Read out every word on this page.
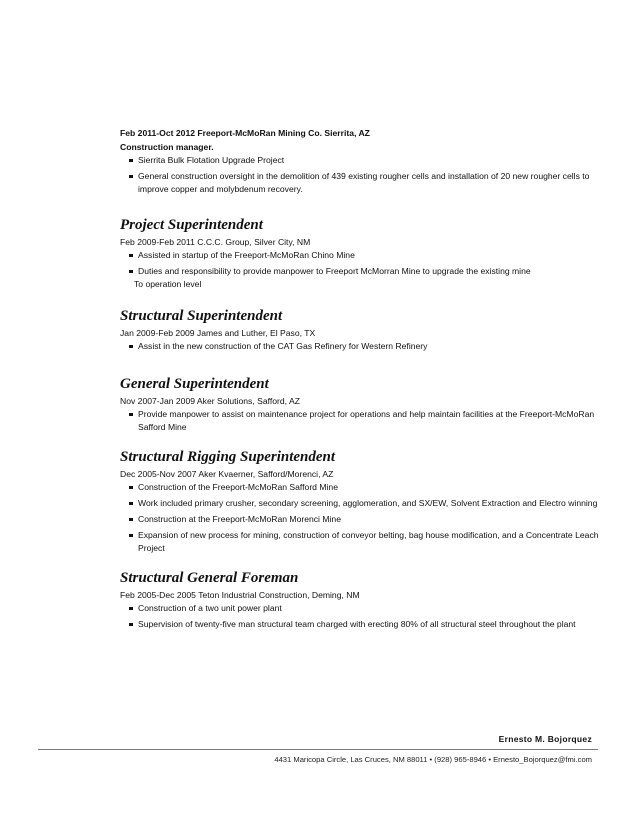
Feb 2011-Oct 2012 Freeport-McMoRan Mining Co. Sierrita, AZ

Construction manager.

Sierrita Bulk Flotation Upgrade Project
General construction oversight in the demolition of 439 existing rougher cells and installation of 20 new rougher cells to improve copper and molybdenum recovery.
Project Superintendent

Feb 2009-Feb 2011 C.C.C. Group, Silver City, NM

Assisted in startup of the Freeport-McMoRan Chino Mine
Duties and responsibility to provide manpower to Freeport McMorran Mine to upgrade the existing mine

To operation level

Structural Superintendent

Jan 2009-Feb 2009 James and Luther, El Paso, TX

Assist in the new construction of the CAT Gas Refinery for Western Refinery
General Superintendent

Nov 2007-Jan 2009 Aker Solutions, Safford, AZ

Provide manpower to assist on maintenance project for operations and help maintain facilities at the Freeport-McMoRan Safford Mine
Structural Rigging Superintendent

Dec 2005-Nov 2007 Aker Kvaerner, Safford/Morenci, AZ

Construction of the Freeport-McMoRan Safford Mine
Work included primary crusher, secondary screening, agglomeration, and SX/EW, Solvent Extraction and Electro winning
Construction at the Freeport-McMoRan Morenci Mine
Expansion of new process for mining, construction of conveyor belting, bag house modification, and a Concentrate Leach Project
Structural General Foreman

Feb 2005-Dec 2005 Teton Industrial Construction, Deming, NM

Construction of a two unit power plant
Supervision of twenty-five man structural team charged with erecting 80% of all structural steel throughout the plant
Ernesto M. Bojorquez
4431 Maricopa Circle, Las Cruces, NM 88011 • (928) 965-8946 • Ernesto_Bojorquez@fmi.com
